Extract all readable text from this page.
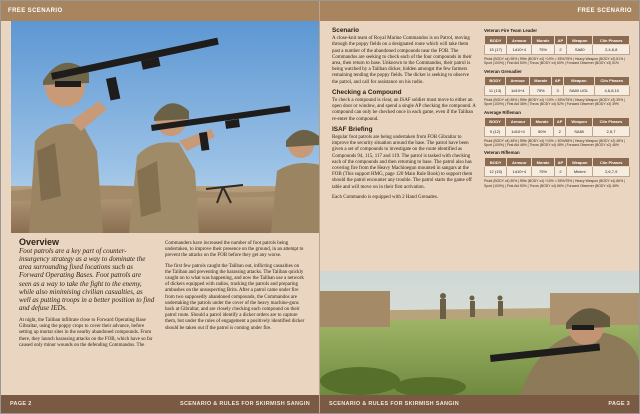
FREE SCENARIO
Overview
Foot patrols are a key part of counter-insurgency strategy as a way to dominate the area surrounding fixed locations such as Forward Operating Bases. Foot patrols are seen as a way to take the fight to the enemy, while also minimising civilian casualties, as well as putting troops in a better position to find and defuse IEDs.

At night, the Taliban infiltrate close to Forward Operating Base Gibraltar, using the poppy crops to cover their advance, before setting up mortar sites in the nearby abandoned compounds. From there, they launch harassing attacks on the FOB, which have so far caused only minor wounds on the defending Commandos. The

Commanders have increased the number of foot patrols being undertaken, to improve their presence on the ground, in an attempt to prevent the attacks on the FOB before they get any worse.

The first few patrols caught the Taliban out, inflicting casualties on the Taliban and preventing the harassing attacks. The Taliban quickly caught on to what was happening, and now the Taliban use a network of dickers equipped with radios, tracking the patrols and preparing ambushes on the unsuspecting Brits. After a patrol came under fire from two supposedly abandoned compounds, the Commandos are undertaking the patrols under the cover of the heavy machine-guns back at Gibraltar, and are closely checking each compound on their patrol route. Should a patrol identify a dicker orders are to capture them, but under the rules of engagement a positively identified dicker should be taken out if the patrol is coming under fire.

PAGE 2	SCENARIO & RULES FOR SKIRMISH SANGIN
FREE SCENARIO
Scenario

A close-knit team of Royal Marine Commandos is on Patrol, moving through the poppy fields on a designated route which will take them past a number of the abandoned compounds near the FOB. The Commandos are seeking to check each of the four compounds in their area, then return to base. Unknown to the Commandos, their patrol is being watched by a Taliban dicker, hidden amongst the few farmers remaining tending the poppy fields. The dicker is seeking to observe the patrol, and call for assistance on his radio.

Checking a Compound

To check a compound is clear, an ISAF soldier must move to either an open door or window, and spend a single AP checking the compound. A compound can only be checked once in each game, even if the Taliban re-enter the compound.

ISAF Briefing

Regular foot patrols are being undertaken from FOB Gibraltar to improve the security situation around the base. The patrol have been given a set of compounds to investigate on the route identified as Compounds 94, 115, 117 and 119. The patrol is tasked with checking each of the compounds and then returning to base. The patrol also has covering fire from the Heavy Machinegun mounted in sangars at the FOB (This support HMG, page 120 Main Rule Book) to support them should the patrol encounter any trouble. The patrol starts the game off table and will move on in their first activation.

Each Commando is equipped with 2 Hand Grenades.

Veteran Fire Team Leader
BODY	Armour	Morale	AP	Weapon	Clin Phases
15 (17)	1d10+4	75%	2	SA80	2,4,6,8
Pistol (BODY x4) 55% | Rifle (BODY x4) +10% = 55%/75% | Heavy Weapon (BODY x3) 51% | Sport (100%) | Find Aid 50% | Throw (BODY x4) 60% | Forward Observer (BODY x3) 51%
Veteran Grenadier
BODY	Armour	Morale	AP	Weapon	Clin Phases
11 (13)	1d10+4	75%	3	SA80 UGL	4,6,8,10
Pistol (BODY x4) 55% | Rifle (BODY x4) +10% = 55%/75% | Heavy Weapon (BODY x3) 39% | Sport (100%) | First Aid 36% | Throw (BODY x4) 52% | Forward Observer (BODY x3) 39%
Average Rifleman
BODY	Armour	Morale	AP	Weapon	Clin Phases
9 (12)	1d10+4	50%	2	SA80	2,5,7
Pistol (BODY x4) 48% | Rifle (BODY x4) +10% = 50%/58% | Heavy Weapon (BODY x2) 48% | Sport (100%) | First Aid 46% | Throw (BODY x4) 48% | Forward Observer (BODY x2) 46%
Veteran Rifleman
BODY	Armour	Morale	AP	Weapon	Clin Phases
12 (15)	1d10+4	75%	2	Minimi	2,6,7,9
Pistol (BODY x4) 50% | Rifle (BODY x4) +10% = 55%/75% | Heavy Weapon (BODY x4) 66% | Sport (100%) | First Aid 50% | Throw (BODY x4) 66% | Forward Observer (BODY x3) 45%
SCENARIO & RULES FOR SKIRMISH SANGIN	PAGE 3
